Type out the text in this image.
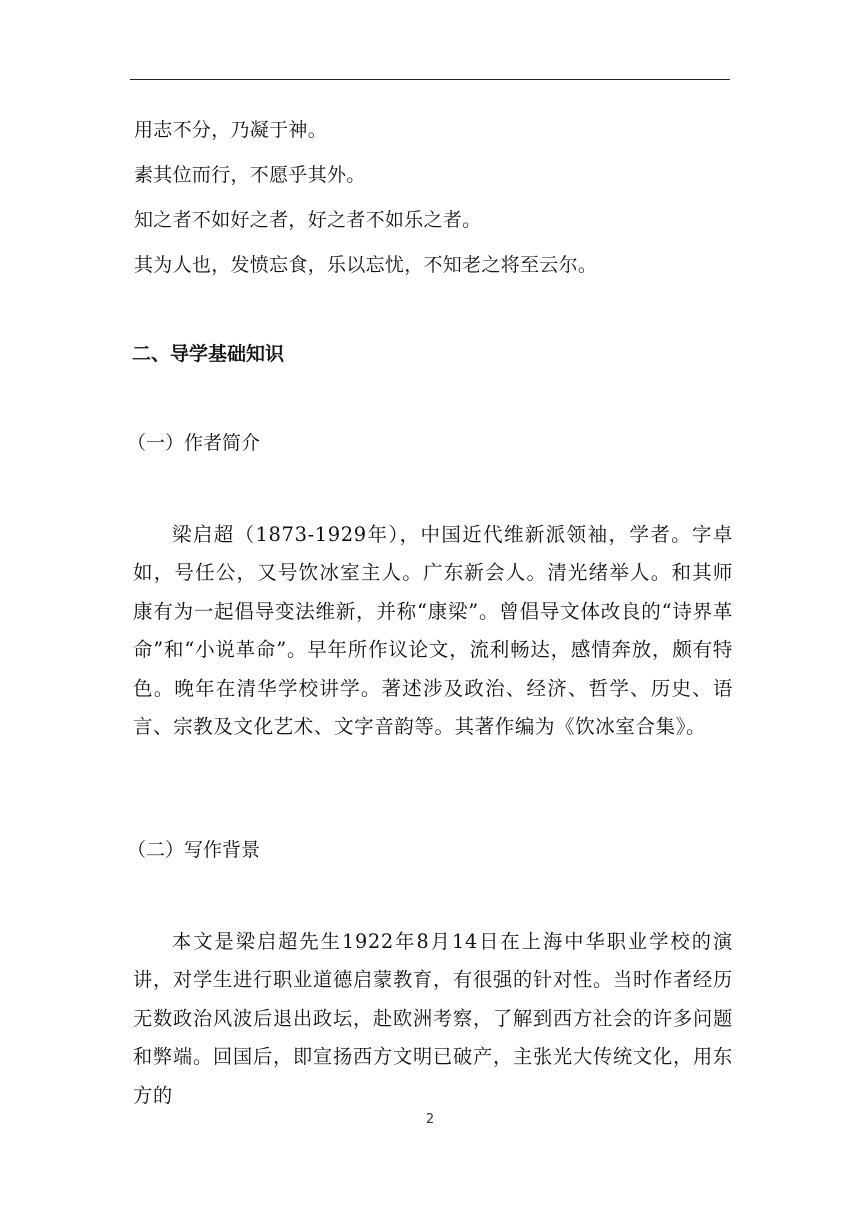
用志不分，乃凝于神。
素其位而行，不愿乎其外。
知之者不如好之者，好之者不如乐之者。
其为人也，发愤忘食，乐以忘忧，不知老之将至云尔。
二、导学基础知识
（一）作者简介
梁启超（1873-1929年），中国近代维新派领袖，学者。字卓如，号任公，又号饮冰室主人。广东新会人。清光绪举人。和其师康有为一起倡导变法维新，并称“康梁”。曾倡导文体改良的“诗界革命”和“小说革命”。早年所作议论文，流利畅达，感情奔放，颇有特色。晚年在清华学校讲学。著述涉及政治、经济、哲学、历史、语言、宗教及文化艺术、文字音韵等。其著作编为《饮冰室合集》。
（二）写作背景
本文是梁启超先生1922年8月14日在上海中华职业学校的演讲，对学生进行职业道德启蒙教育，有很强的针对性。当时作者经历无数政治风波后退出政坛，赴欧洲考察，了解到西方社会的许多问题和弊端。回国后，即宣扬西方文明已破产，主张光大传统文化，用东方的
2
